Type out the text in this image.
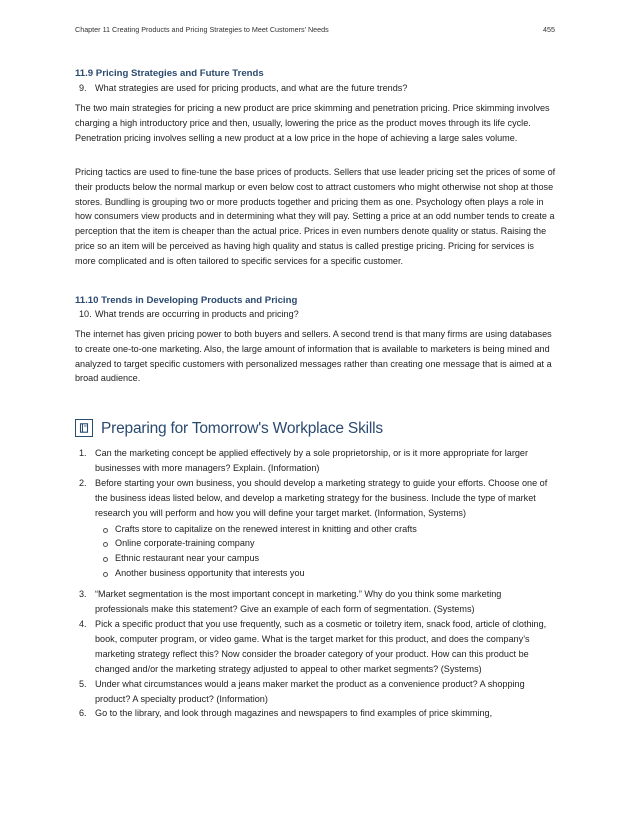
Chapter 11 Creating Products and Pricing Strategies to Meet Customers' Needs	455
11.9 Pricing Strategies and Future Trends
9. What strategies are used for pricing products, and what are the future trends?

The two main strategies for pricing a new product are price skimming and penetration pricing. Price skimming involves charging a high introductory price and then, usually, lowering the price as the product moves through its life cycle. Penetration pricing involves selling a new product at a low price in the hope of achieving a large sales volume.

Pricing tactics are used to fine-tune the base prices of products. Sellers that use leader pricing set the prices of some of their products below the normal markup or even below cost to attract customers who might otherwise not shop at those stores. Bundling is grouping two or more products together and pricing them as one. Psychology often plays a role in how consumers view products and in determining what they will pay. Setting a price at an odd number tends to create a perception that the item is cheaper than the actual price. Prices in even numbers denote quality or status. Raising the price so an item will be perceived as having high quality and status is called prestige pricing. Pricing for services is more complicated and is often tailored to specific services for a specific customer.

11.10 Trends in Developing Products and Pricing
10. What trends are occurring in products and pricing?

The internet has given pricing power to both buyers and sellers. A second trend is that many firms are using databases to create one-to-one marketing. Also, the large amount of information that is available to marketers is being mined and analyzed to target specific customers with personalized messages rather than creating one message that is aimed at a broad audience.

Preparing for Tomorrow's Workplace Skills
1. Can the marketing concept be applied effectively by a sole proprietorship, or is it more appropriate for larger businesses with more managers? Explain. (Information)
2. Before starting your own business, you should develop a marketing strategy to guide your efforts. Choose one of the business ideas listed below, and develop a marketing strategy for the business. Include the type of market research you will perform and how you will define your target market. (Information, Systems)
Crafts store to capitalize on the renewed interest in knitting and other crafts
Online corporate-training company
Ethnic restaurant near your campus
Another business opportunity that interests you
3. “Market segmentation is the most important concept in marketing.” Why do you think some marketing professionals make this statement? Give an example of each form of segmentation. (Systems)
4. Pick a specific product that you use frequently, such as a cosmetic or toiletry item, snack food, article of clothing, book, computer program, or video game. What is the target market for this product, and does the company’s marketing strategy reflect this? Now consider the broader category of your product. How can this product be changed and/or the marketing strategy adjusted to appeal to other market segments? (Systems)
5. Under what circumstances would a jeans maker market the product as a convenience product? A shopping product? A specialty product? (Information)
6. Go to the library, and look through magazines and newspapers to find examples of price skimming,
